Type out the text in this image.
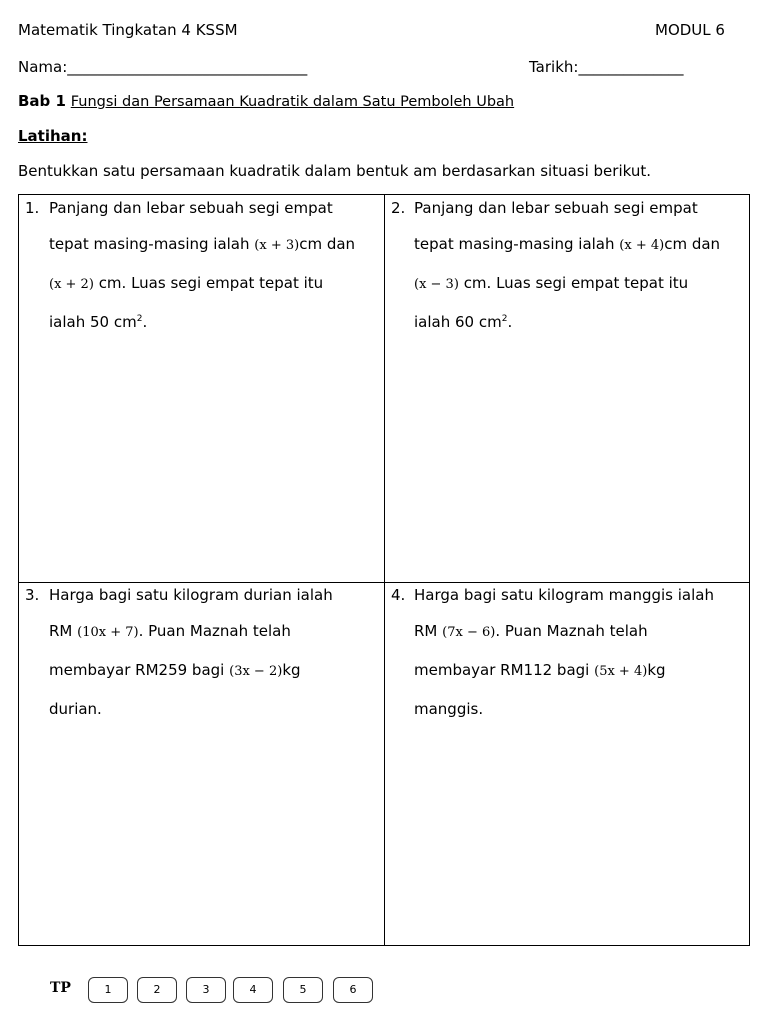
Matematik Tingkatan 4 KSSM	MODUL 6
Nama:________________________________	Tarikh:______________
Bab 1 Fungsi dan Persamaan Kuadratik dalam Satu Pemboleh Ubah
Latihan:
Bentukkan satu persamaan kuadratik dalam bentuk am berdasarkan situasi berikut.
1. Panjang dan lebar sebuah segi empat
tepat masing-masing ialah (x + 3)cm dan
(x + 2) cm. Luas segi empat tepat itu
ialah 50 $cm^2$.
2. Panjang dan lebar sebuah segi empat
tepat masing-masing ialah (x + 4)cm dan
(x − 3) cm. Luas segi empat tepat itu
ialah 60 $cm^2$.
3. Harga bagi satu kilogram durian ialah
RM (10x + 7). Puan Maznah telah
membayar RM259 bagi (3x − 2)kg
durian.
4. Harga bagi satu kilogram manggis ialah
RM (7x − 6). Puan Maznah telah
membayar RM112 bagi (5x + 4)kg
manggis.
TP	1	2	3	4	5	6
